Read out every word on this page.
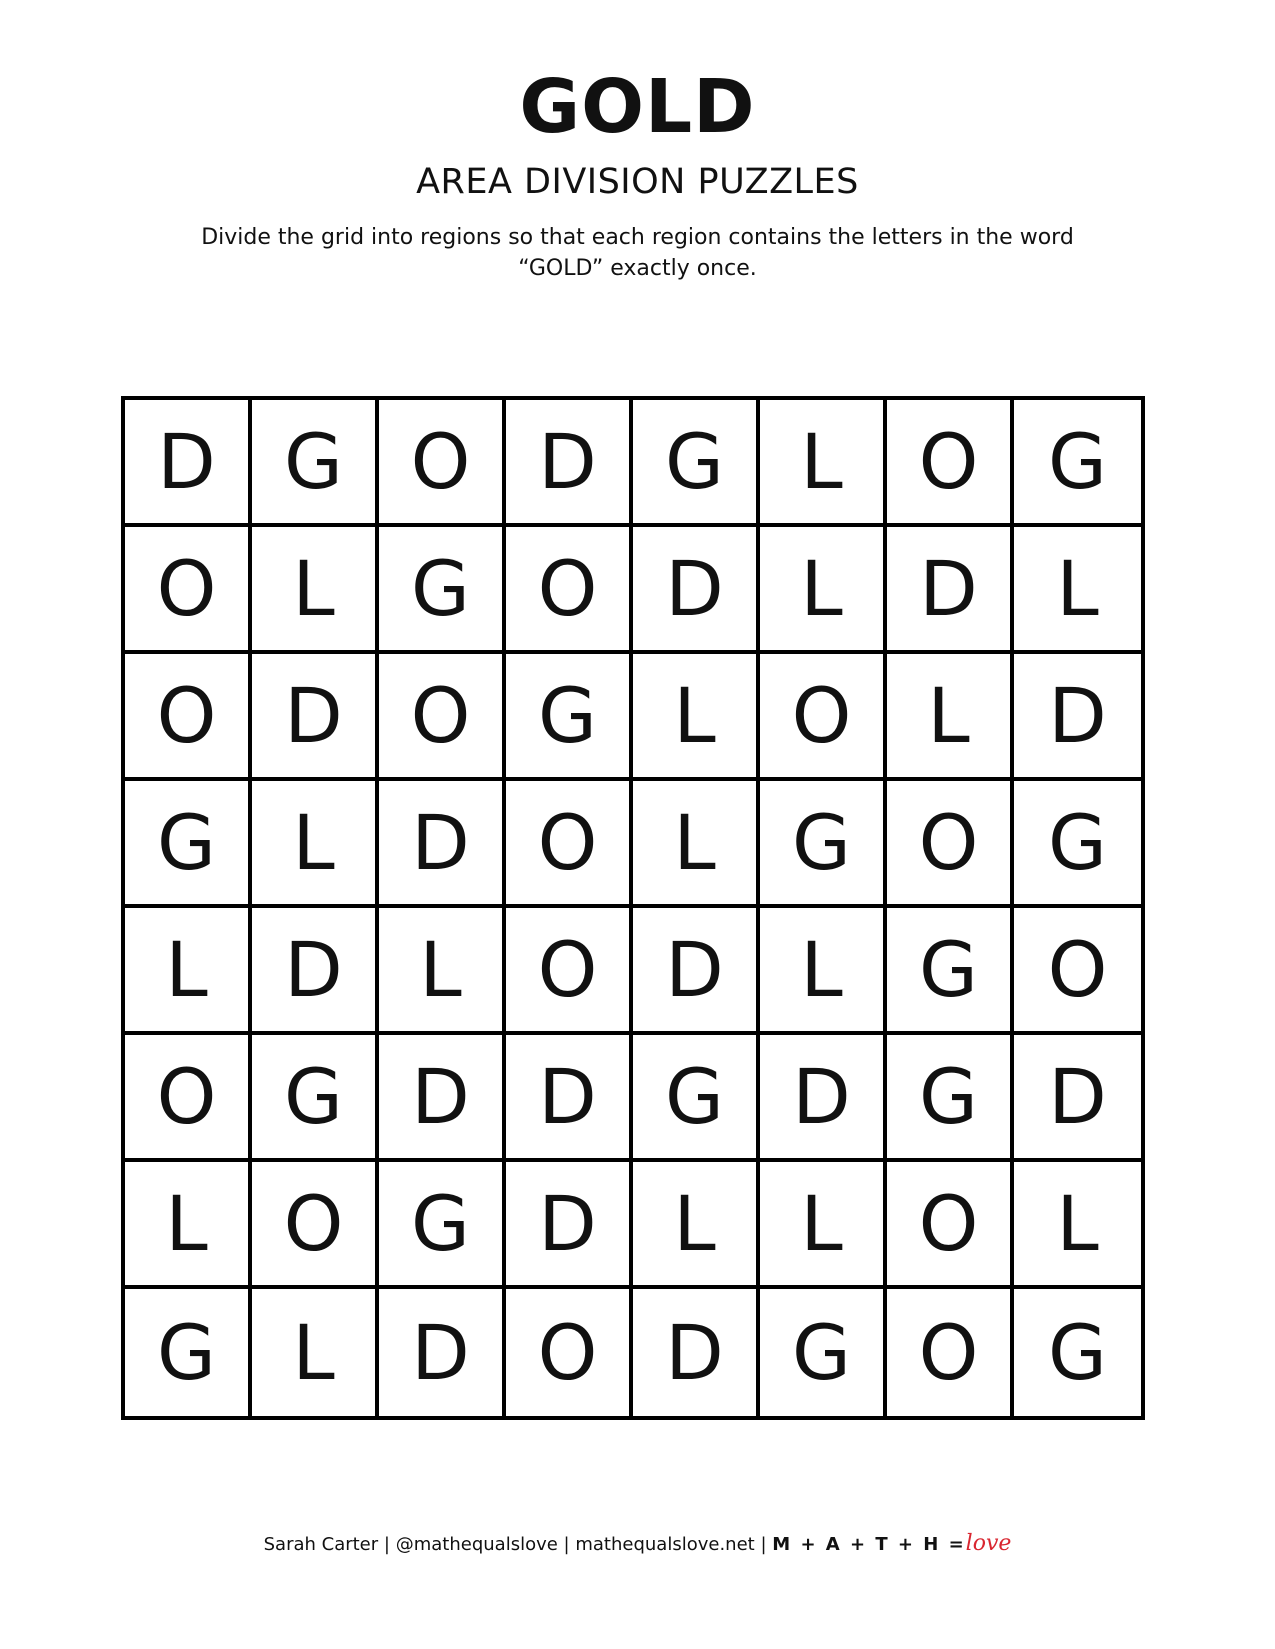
GOLD
AREA DIVISION PUZZLES
Divide the grid into regions so that each region contains the letters in the word “GOLD” exactly once.
D G O D G	L O G
O L	G O D	L	D	L
O D O G	L O L	D
G	L	D O L	G O G
L	D	L O D	L	G O
O G D D G D G D
L O G D	L	L O	L
G	L	D O D G O G
Sarah Carter | @mathequalslove | mathequalslove.net | M + A + T + H =love
